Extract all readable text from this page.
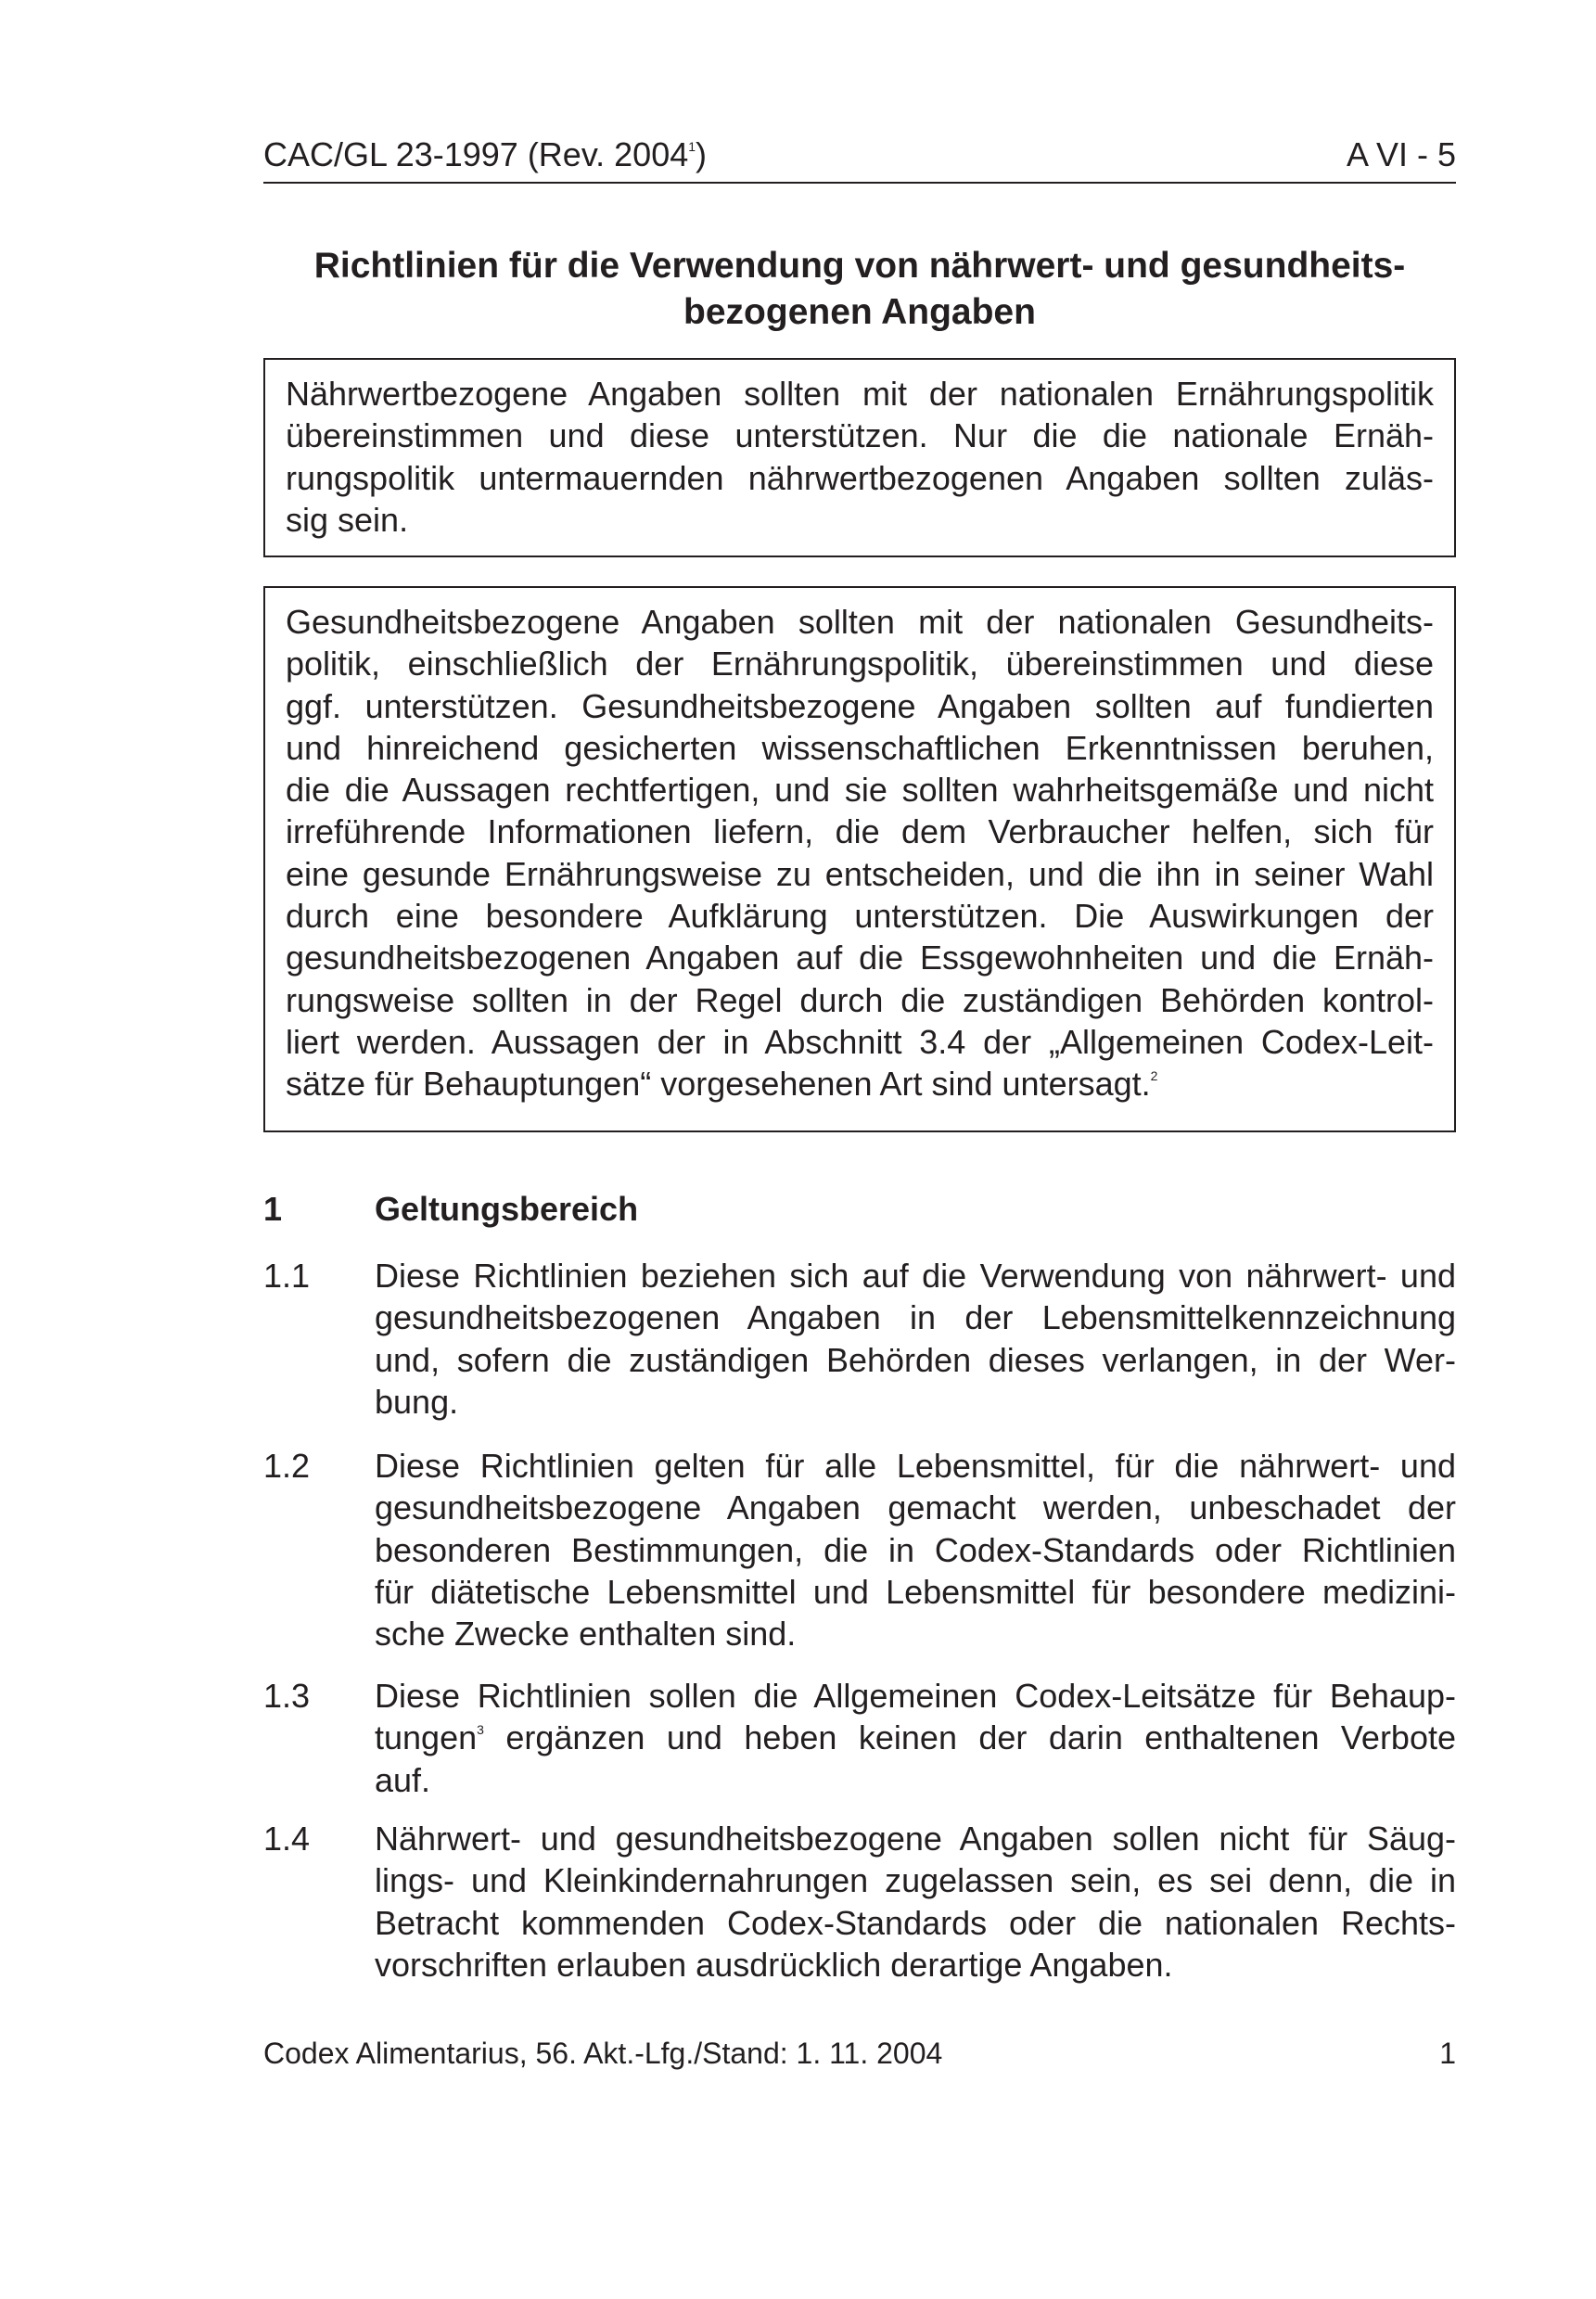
CAC/GL 23-1997 (Rev. 2004$^1$)	A VI - 5
Richtlinien für die Verwendung von nährwert- und gesundheits-
bezogenen Angaben
Nährwertbezogene Angaben sollten mit der nationalen Ernährungspolitik
übereinstimmen und diese unterstützen. Nur die die nationale Ernäh-
rungspolitik untermauernden nährwertbezogenen Angaben sollten zuläs-
sig sein.
Gesundheitsbezogene Angaben sollten mit der nationalen Gesundheits-
politik, einschließlich der Ernährungspolitik, übereinstimmen und diese
ggf. unterstützen. Gesundheitsbezogene Angaben sollten auf fundierten
und hinreichend gesicherten wissenschaftlichen Erkenntnissen beruhen,
die die Aussagen rechtfertigen, und sie sollten wahrheitsgemäße und nicht
irreführende Informationen liefern, die dem Verbraucher helfen, sich für
eine gesunde Ernährungsweise zu entscheiden, und die ihn in seiner Wahl
durch eine besondere Aufklärung unterstützen. Die Auswirkungen der
gesundheitsbezogenen Angaben auf die Essgewohnheiten und die Ernäh-
rungsweise sollten in der Regel durch die zuständigen Behörden kontrol-
liert werden. Aussagen der in Abschnitt 3.4 der „Allgemeinen Codex-Leit-
sätze für Behauptungen“ vorgesehenen Art sind untersagt.$^2$
1	Geltungsbereich
1.1 Diese Richtlinien beziehen sich auf die Verwendung von nährwert- und
gesundheitsbezogenen Angaben in der Lebensmittelkennzeichnung
und, sofern die zuständigen Behörden dieses verlangen, in der Wer-
bung.
1.2 Diese Richtlinien gelten für alle Lebensmittel, für die nährwert- und
gesundheitsbezogene Angaben gemacht werden, unbeschadet der
besonderen Bestimmungen, die in Codex-Standards oder Richtlinien
für diätetische Lebensmittel und Lebensmittel für besondere medizini-
sche Zwecke enthalten sind.
1.3 Diese Richtlinien sollen die Allgemeinen Codex-Leitsätze für Behaup-
tungen$^3$ ergänzen und heben keinen der darin enthaltenen Verbote
auf.
1.4 Nährwert- und gesundheitsbezogene Angaben sollen nicht für Säug-
lings- und Kleinkindernahrungen zugelassen sein, es sei denn, die in
Betracht kommenden Codex-Standards oder die nationalen Rechts-
vorschriften erlauben ausdrücklich derartige Angaben.
Codex Alimentarius, 56. Akt.-Lfg./Stand: 1. 11. 2004	1
